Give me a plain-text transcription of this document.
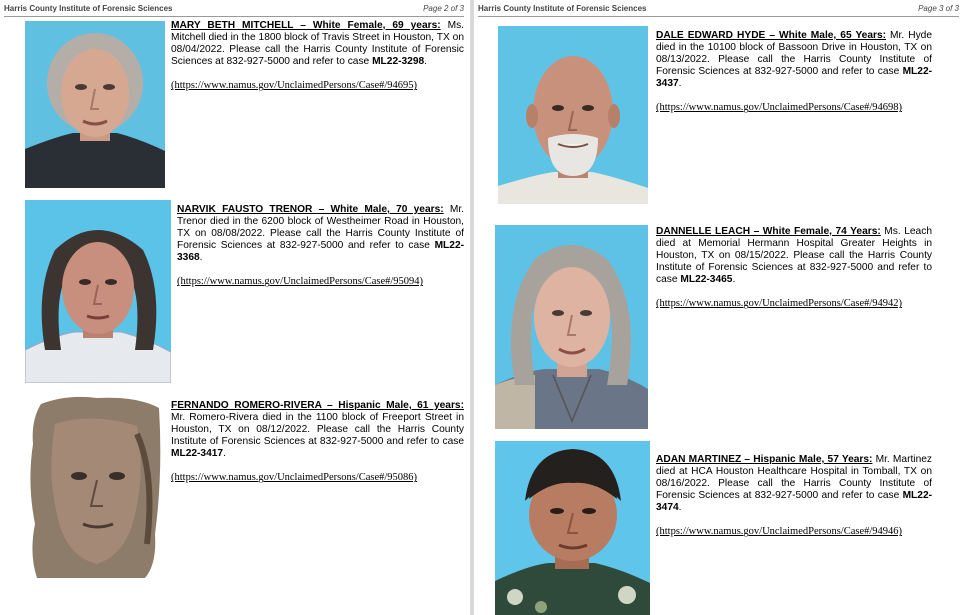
Harris County Institute of Forensic Sciences	Page 2 of 3
MARY BETH MITCHELL – White Female, 69 years: Ms. Mitchell died in the 1800 block of Travis Street in Houston, TX on 08/04/2022. Please call the Harris County Institute of Forensic Sciences at 832-927-5000 and refer to case ML22-3298.
(https://www.namus.gov/UnclaimedPersons/Case#/94695)
NARVIK FAUSTO TRENOR – White Male, 70 years: Mr. Trenor died in the 6200 block of Westheimer Road in Houston, TX on 08/08/2022. Please call the Harris County Institute of Forensic Sciences at 832-927-5000 and refer to case ML22-3368.
(https://www.namus.gov/UnclaimedPersons/Case#/95094)
FERNANDO ROMERO-RIVERA – Hispanic Male, 61 years: Mr. Romero-Rivera died in the 1100 block of Freeport Street in Houston, TX on 08/12/2022. Please call the Harris County Institute of Forensic Sciences at 832-927-5000 and refer to case ML22-3417.
(https://www.namus.gov/UnclaimedPersons/Case#/95086)
Harris County Institute of Forensic Sciences	Page 3 of 3
DALE EDWARD HYDE – White Male, 65 Years: Mr. Hyde died in the 10100 block of Bassoon Drive in Houston, TX on 08/13/2022. Please call the Harris County Institute of Forensic Sciences at 832-927-5000 and refer to case ML22-3437.
(https://www.namus.gov/UnclaimedPersons/Case#/94698)
DANNELLE LEACH – White Female, 74 Years: Ms. Leach died at Memorial Hermann Hospital Greater Heights in Houston, TX on 08/15/2022. Please call the Harris County Institute of Forensic Sciences at 832-927-5000 and refer to case ML22-3465.
(https://www.namus.gov/UnclaimedPersons/Case#/94942)
ADAN MARTINEZ – Hispanic Male, 57 Years: Mr. Martinez died at HCA Houston Healthcare Hospital in Tomball, TX on 08/16/2022. Please call the Harris County Institute of Forensic Sciences at 832-927-5000 and refer to case ML22-3474.
(https://www.namus.gov/UnclaimedPersons/Case#/94946)
